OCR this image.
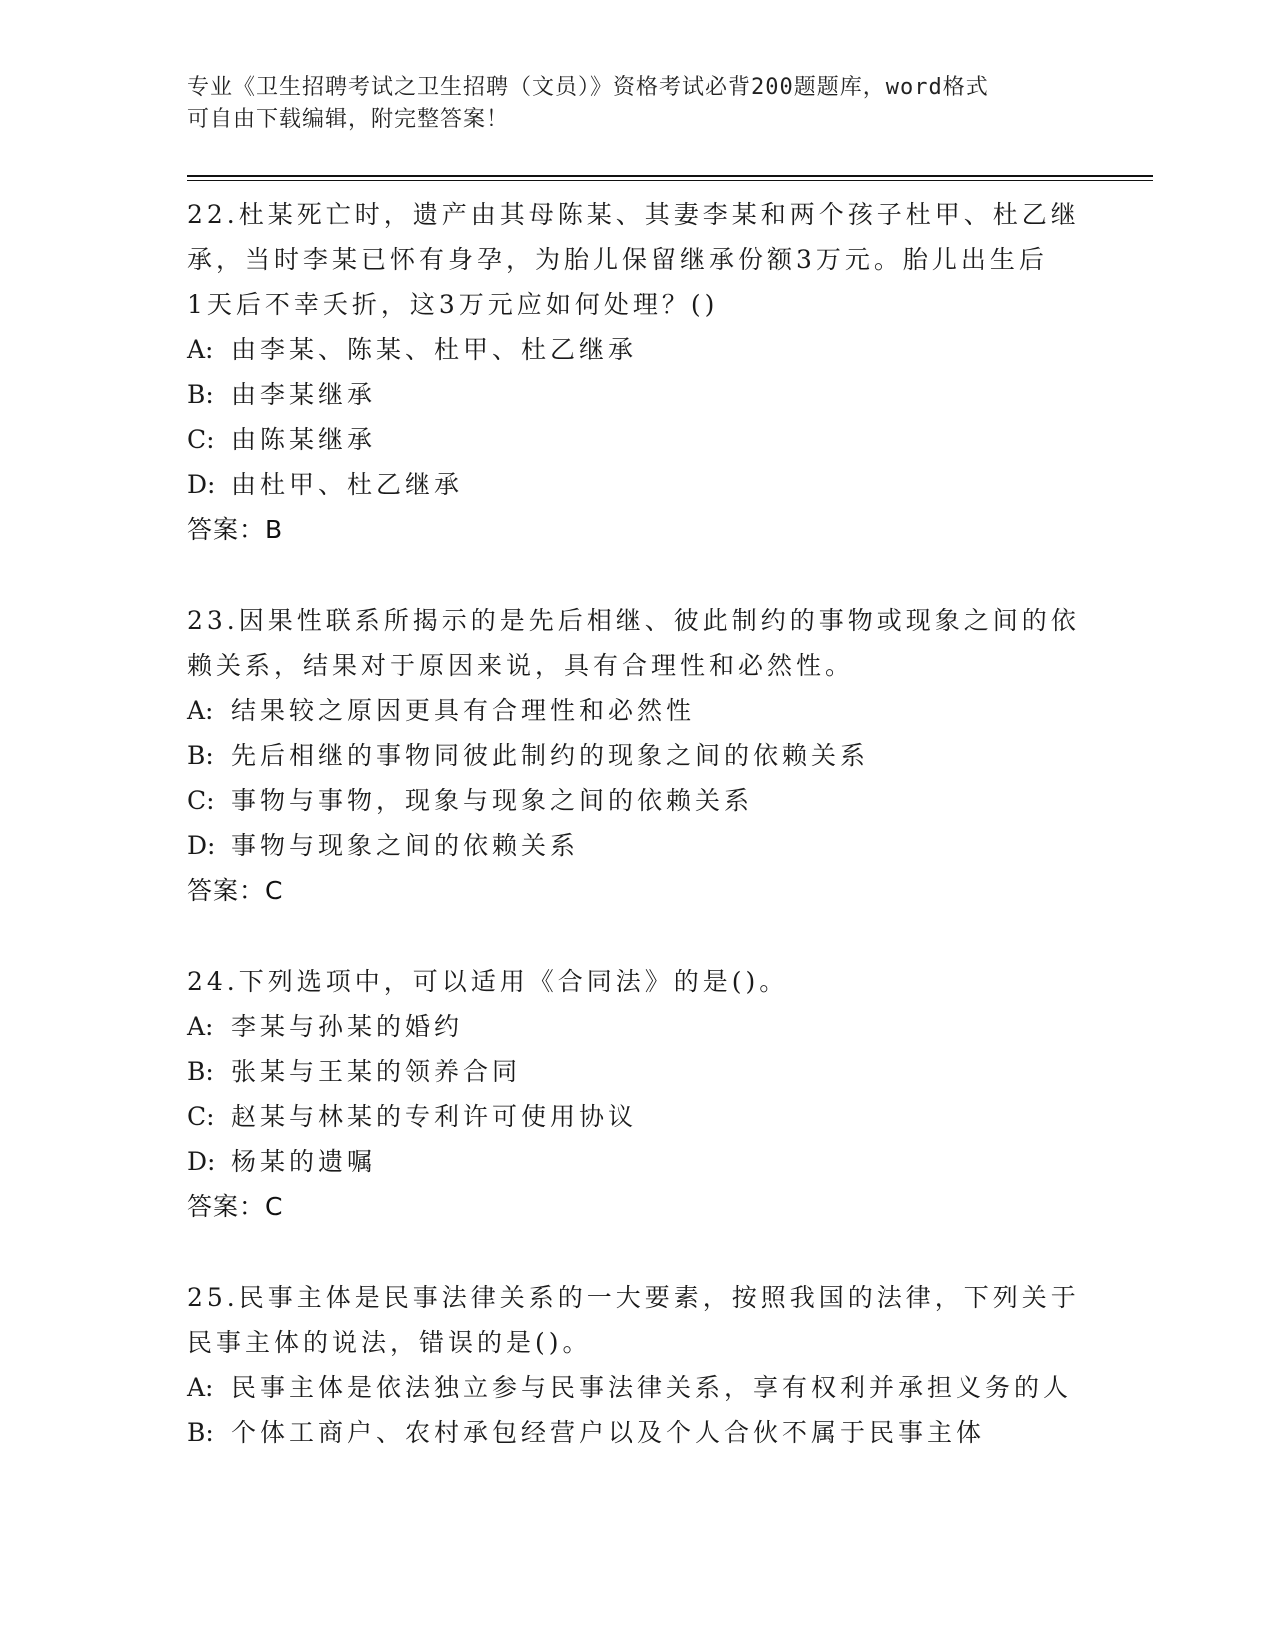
专业《卫生招聘考试之卫生招聘（文员）》资格考试必背200题题库，word格式
可自由下载编辑，附完整答案！
22.杜某死亡时，遗产由其母陈某、其妻李某和两个孩子杜甲、杜乙继
承，当时李某已怀有身孕，为胎儿保留继承份额3万元。胎儿出生后
1天后不幸夭折，这3万元应如何处理？()
A: 由李某、陈某、杜甲、杜乙继承
B: 由李某继承
C: 由陈某继承
D: 由杜甲、杜乙继承
答案：B
23.因果性联系所揭示的是先后相继、彼此制约的事物或现象之间的依
赖关系，结果对于原因来说，具有合理性和必然性。
A: 结果较之原因更具有合理性和必然性
B: 先后相继的事物同彼此制约的现象之间的依赖关系
C: 事物与事物，现象与现象之间的依赖关系
D: 事物与现象之间的依赖关系
答案：C
24.下列选项中，可以适用《合同法》的是()。
A: 李某与孙某的婚约
B: 张某与王某的领养合同
C: 赵某与林某的专利许可使用协议
D: 杨某的遗嘱
答案：C
25.民事主体是民事法律关系的一大要素，按照我国的法律，下列关于
民事主体的说法，错误的是()。
A: 民事主体是依法独立参与民事法律关系，享有权利并承担义务的人
B: 个体工商户、农村承包经营户以及个人合伙不属于民事主体
